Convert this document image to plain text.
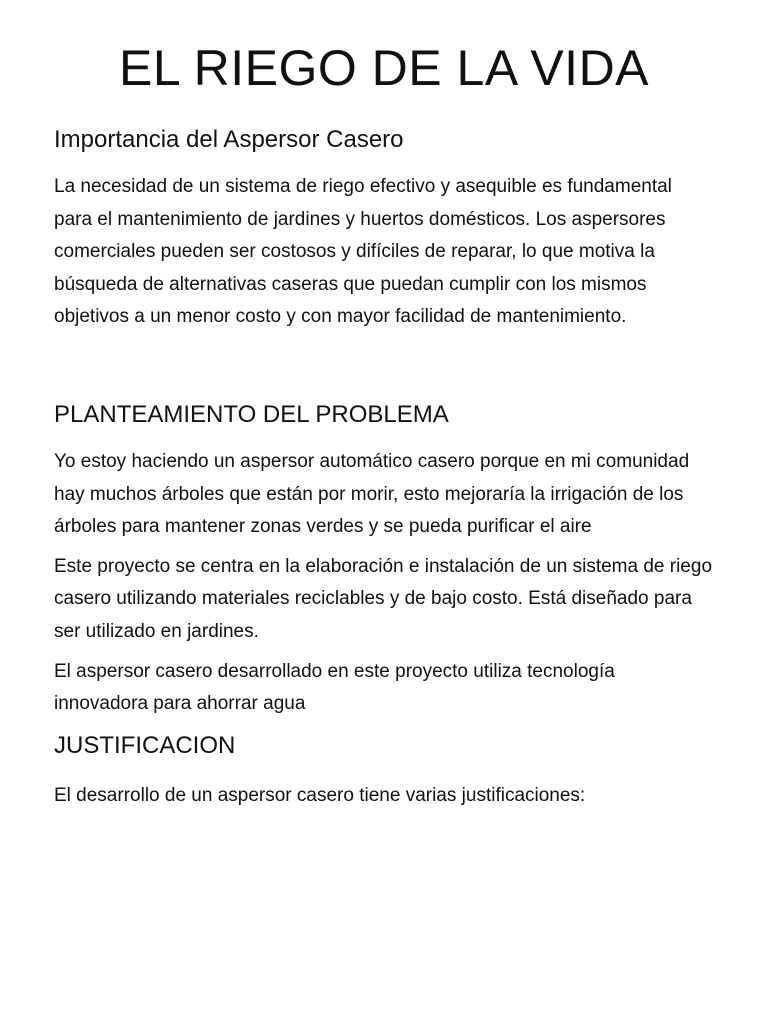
EL RIEGO DE LA VIDA
Importancia del Aspersor Casero

La necesidad de un sistema de riego efectivo y asequible es fundamental para el mantenimiento de jardines y huertos domésticos. Los aspersores comerciales pueden ser costosos y difíciles de reparar, lo que motiva la búsqueda de alternativas caseras que puedan cumplir con los mismos objetivos a un menor costo y con mayor facilidad de mantenimiento.

PLANTEAMIENTO DEL PROBLEMA

Yo estoy haciendo un aspersor automático casero porque en mi comunidad hay muchos árboles que están por morir, esto mejoraría la irrigación de los árboles para mantener zonas verdes y se pueda purificar el aire

Este proyecto se centra en la elaboración e instalación de un sistema de riego casero utilizando materiales reciclables y de bajo costo. Está diseñado para ser utilizado en jardines.

El aspersor casero desarrollado en este proyecto utiliza tecnología innovadora para ahorrar agua

JUSTIFICACION

El desarrollo de un aspersor casero tiene varias justificaciones:
